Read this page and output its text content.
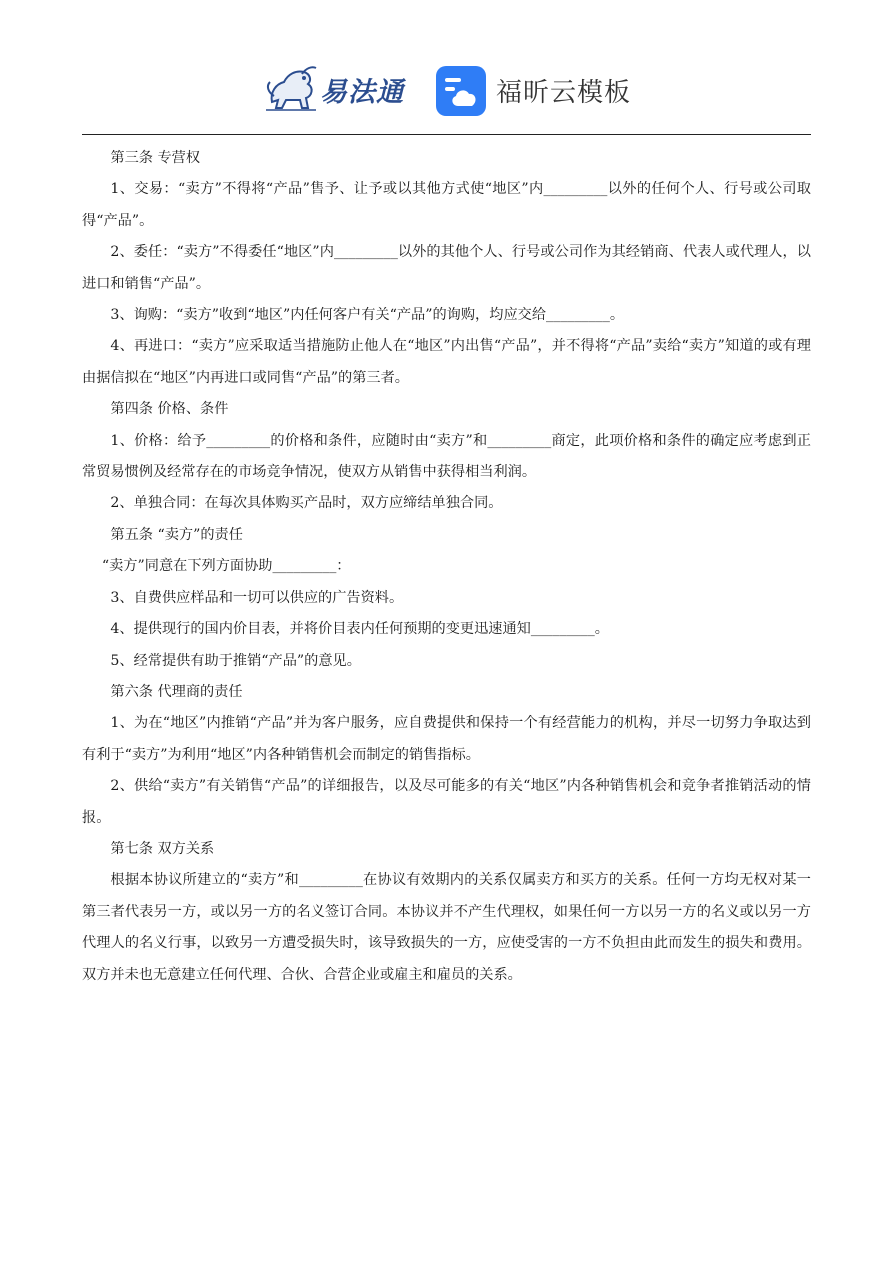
易法通	福昕云模板

第三条 专营权

1、交易：“卖方”不得将“产品”售予、让予或以其他方式使“地区”内_________以外的任何个人、行号或公司取得“产品”。

2、委任：“卖方”不得委任“地区”内_________以外的其他个人、行号或公司作为其经销商、代表人或代理人，以进口和销售“产品”。

3、询购：“卖方”收到“地区”内任何客户有关“产品”的询购，均应交给_________。

4、再进口：“卖方”应采取适当措施防止他人在“地区”内出售“产品”，并不得将“产品”卖给“卖方”知道的或有理由据信拟在“地区”内再进口或同售“产品”的第三者。

第四条 价格、条件

1、价格：给予_________的价格和条件，应随时由“卖方”和_________商定，此项价格和条件的确定应考虑到正常贸易惯例及经常存在的市场竞争情况，使双方从销售中获得相当利润。

2、单独合同：在每次具体购买产品时，双方应缔结单独合同。

第五条 “卖方”的责任

“卖方”同意在下列方面协助_________：

3、自费供应样品和一切可以供应的广告资料。

4、提供现行的国内价目表，并将价目表内任何预期的变更迅速通知_________。

5、经常提供有助于推销“产品”的意见。

第六条 代理商的责任

1、为在“地区”内推销“产品”并为客户服务，应自费提供和保持一个有经营能力的机构，并尽一切努力争取达到有利于“卖方”为利用“地区”内各种销售机会而制定的销售指标。

2、供给“卖方”有关销售“产品”的详细报告，以及尽可能多的有关“地区”内各种销售机会和竞争者推销活动的情报。

第七条 双方关系

根据本协议所建立的“卖方”和_________在协议有效期内的关系仅属卖方和买方的关系。任何一方均无权对某一第三者代表另一方，或以另一方的名义签订合同。本协议并不产生代理权，如果任何一方以另一方的名义或以另一方代理人的名义行事，以致另一方遭受损失时，该导致损失的一方，应使受害的一方不负担由此而发生的损失和费用。双方并未也无意建立任何代理、合伙、合营企业或雇主和雇员的关系。
